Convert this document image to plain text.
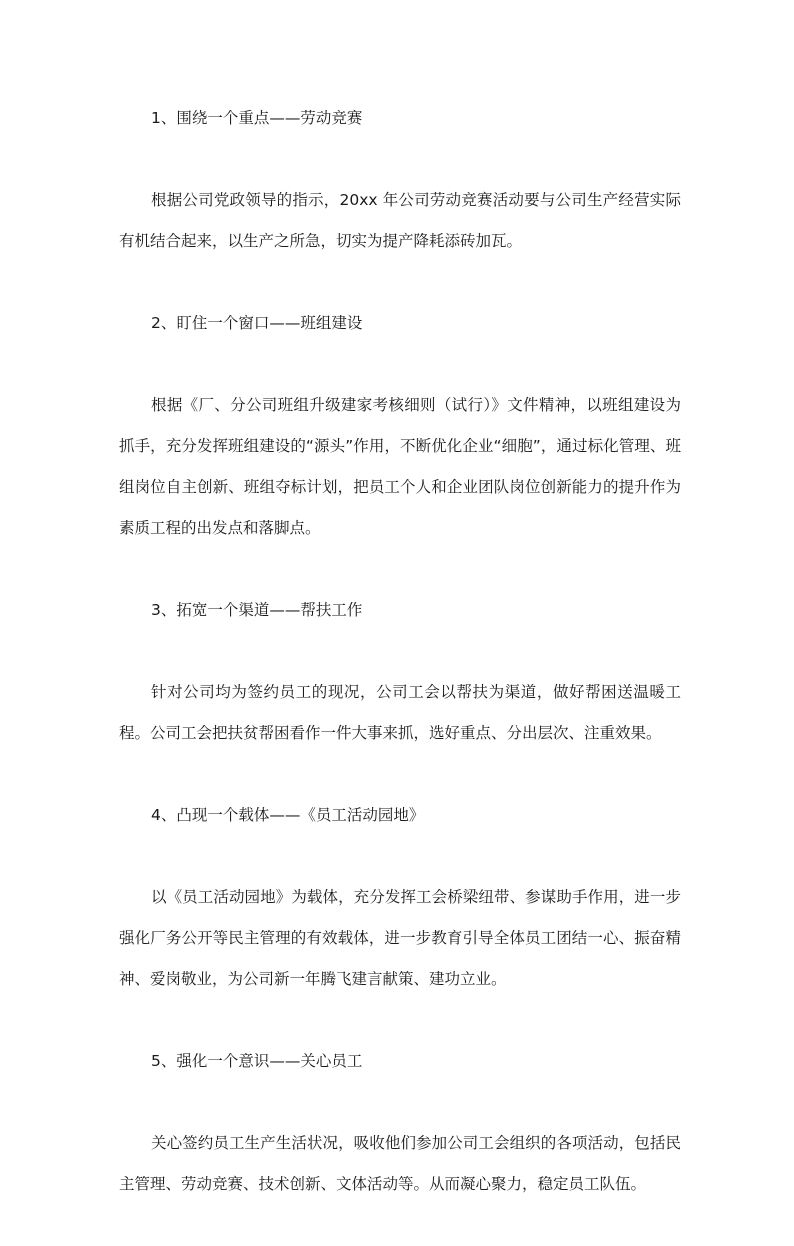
1、围绕一个重点——劳动竞赛
根据公司党政领导的指示，20xx 年公司劳动竞赛活动要与公司生产经营实际有机结合起来，以生产之所急，切实为提产降耗添砖加瓦。
2、盯住一个窗口——班组建设
根据《厂、分公司班组升级建家考核细则（试行）》文件精神，以班组建设为抓手，充分发挥班组建设的“源头”作用，不断优化企业“细胞”，通过标化管理、班组岗位自主创新、班组夺标计划，把员工个人和企业团队岗位创新能力的提升作为素质工程的出发点和落脚点。
3、拓宽一个渠道——帮扶工作
针对公司均为签约员工的现况，公司工会以帮扶为渠道，做好帮困送温暖工程。公司工会把扶贫帮困看作一件大事来抓，选好重点、分出层次、注重效果。
4、凸现一个载体——《员工活动园地》
以《员工活动园地》为载体，充分发挥工会桥梁纽带、参谋助手作用，进一步强化厂务公开等民主管理的有效载体，进一步教育引导全体员工团结一心、振奋精神、爱岗敬业，为公司新一年腾飞建言献策、建功立业。
5、强化一个意识——关心员工
关心签约员工生产生活状况，吸收他们参加公司工会组织的各项活动，包括民主管理、劳动竞赛、技术创新、文体活动等。从而凝心聚力，稳定员工队伍。
